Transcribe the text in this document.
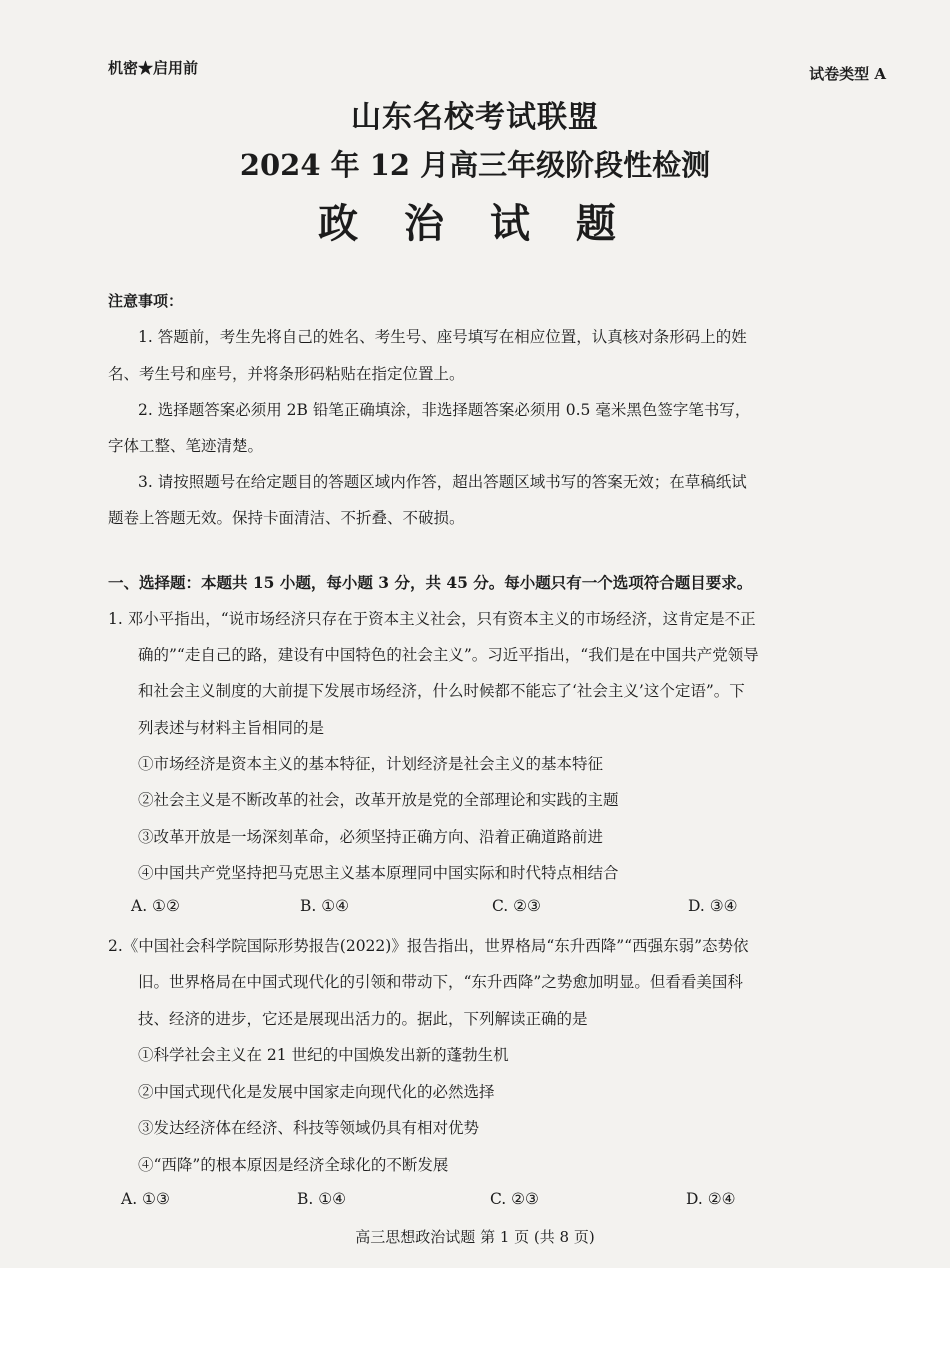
机密★启用前	试卷类型 A
山东名校考试联盟
2024 年 12 月高三年级阶段性检测
政 治 试 题
注意事项：
1. 答题前，考生先将自己的姓名、考生号、座号填写在相应位置，认真核对条形码上的姓
名、考生号和座号，并将条形码粘贴在指定位置上。
2. 选择题答案必须用 2B 铅笔正确填涂，非选择题答案必须用 0.5 毫米黑色签字笔书写，
字体工整、笔迹清楚。
3. 请按照题号在给定题目的答题区域内作答，超出答题区域书写的答案无效；在草稿纸试
题卷上答题无效。保持卡面清洁、不折叠、不破损。
一、选择题：本题共 15 小题，每小题 3 分，共 45 分。每小题只有一个选项符合题目要求。
1. 邓小平指出，“说市场经济只存在于资本主义社会，只有资本主义的市场经济，这肯定是不正
确的”“走自己的路，建设有中国特色的社会主义”。习近平指出，“我们是在中国共产党领导
和社会主义制度的大前提下发展市场经济，什么时候都不能忘了‘社会主义’这个定语”。下
列表述与材料主旨相同的是
①市场经济是资本主义的基本特征，计划经济是社会主义的基本特征
②社会主义是不断改革的社会，改革开放是党的全部理论和实践的主题
③改革开放是一场深刻革命，必须坚持正确方向、沿着正确道路前进
④中国共产党坚持把马克思主义基本原理同中国实际和时代特点相结合
A. ①②	B. ①④	C. ②③	D. ③④
2.《中国社会科学院国际形势报告(2022)》报告指出，世界格局“东升西降”“西强东弱”态势依
旧。世界格局在中国式现代化的引领和带动下，“东升西降”之势愈加明显。但看看美国科
技、经济的进步，它还是展现出活力的。据此，下列解读正确的是
①科学社会主义在 21 世纪的中国焕发出新的蓬勃生机
②中国式现代化是发展中国家走向现代化的必然选择
③发达经济体在经济、科技等领域仍具有相对优势
④“西降”的根本原因是经济全球化的不断发展
A. ①③	B. ①④	C. ②③	D. ②④
高三思想政治试题 第 1 页 (共 8 页)
